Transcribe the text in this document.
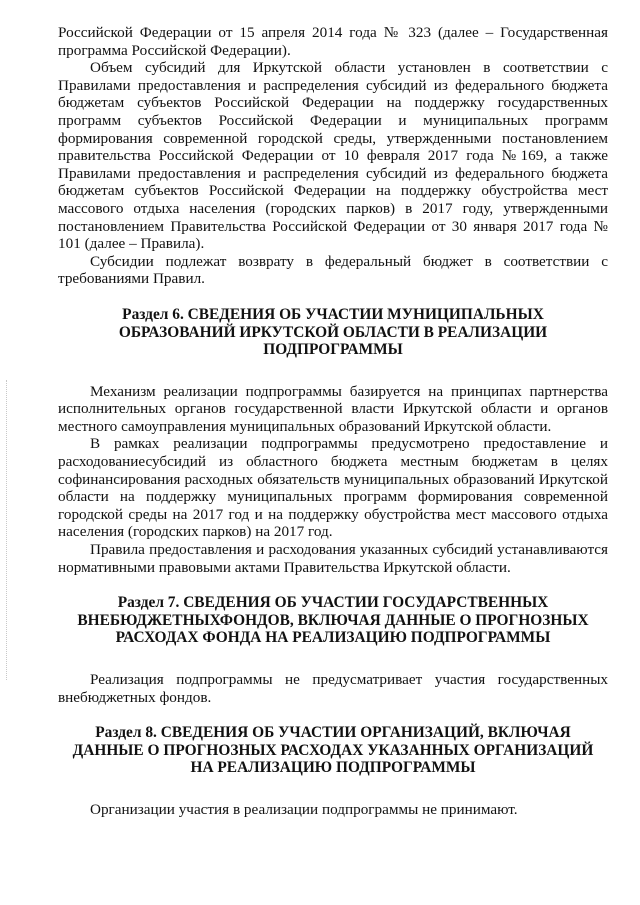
Российской Федерации от 15 апреля 2014 года № 323 (далее – Государственная программа Российской Федерации).

Объем субсидий для Иркутской области установлен в соответствии с Правилами предоставления и распределения субсидий из федерального бюджета бюджетам субъектов Российской Федерации на поддержку государственных программ субъектов Российской Федерации и муниципальных программ формирования современной городской среды, утвержденными постановлением правительства Российской Федерации от 10 февраля 2017 года №169, а также Правилами предоставления и распределения субсидий из федерального бюджета бюджетам субъектов Российской Федерации на поддержку обустройства мест массового отдыха населения (городских парков) в 2017 году, утвержденными постановлением Правительства Российской Федерации от 30 января 2017 года № 101 (далее – Правила).

Субсидии подлежат возврату в федеральный бюджет в соответствии с требованиями Правил.

Раздел 6. СВЕДЕНИЯ ОБ УЧАСТИИ МУНИЦИПАЛЬНЫХ ОБРАЗОВАНИЙ ИРКУТСКОЙ ОБЛАСТИ В РЕАЛИЗАЦИИ ПОДПРОГРАММЫ

Механизм реализации подпрограммы базируется на принципах партнерства исполнительных органов государственной власти Иркутской области и органов местного самоуправления муниципальных образований Иркутской области.

В рамках реализации подпрограммы предусмотрено предоставление и расходованиесубсидий из областного бюджета местным бюджетам в целях софинансирования расходных обязательств муниципальных образований Иркутской области на поддержку муниципальных программ формирования современной городской среды на 2017 год и на поддержку обустройства мест массового отдыха населения (городских парков) на 2017 год.

Правила предоставления и расходования указанных субсидий устанавливаются нормативными правовыми актами Правительства Иркутской области.

Раздел 7. СВЕДЕНИЯ ОБ УЧАСТИИ ГОСУДАРСТВЕННЫХ ВНЕБЮДЖЕТНЫХФОНДОВ, ВКЛЮЧАЯ ДАННЫЕ О ПРОГНОЗНЫХ РАСХОДАХ ФОНДА НА РЕАЛИЗАЦИЮ ПОДПРОГРАММЫ

Реализация подпрограммы не предусматривает участия государственных внебюджетных фондов.

Раздел 8. СВЕДЕНИЯ ОБ УЧАСТИИ ОРГАНИЗАЦИЙ, ВКЛЮЧАЯ ДАННЫЕ О ПРОГНОЗНЫХ РАСХОДАХ УКАЗАННЫХ ОРГАНИЗАЦИЙ НА РЕАЛИЗАЦИЮ ПОДПРОГРАММЫ

Организации участия в реализации подпрограммы не принимают.
